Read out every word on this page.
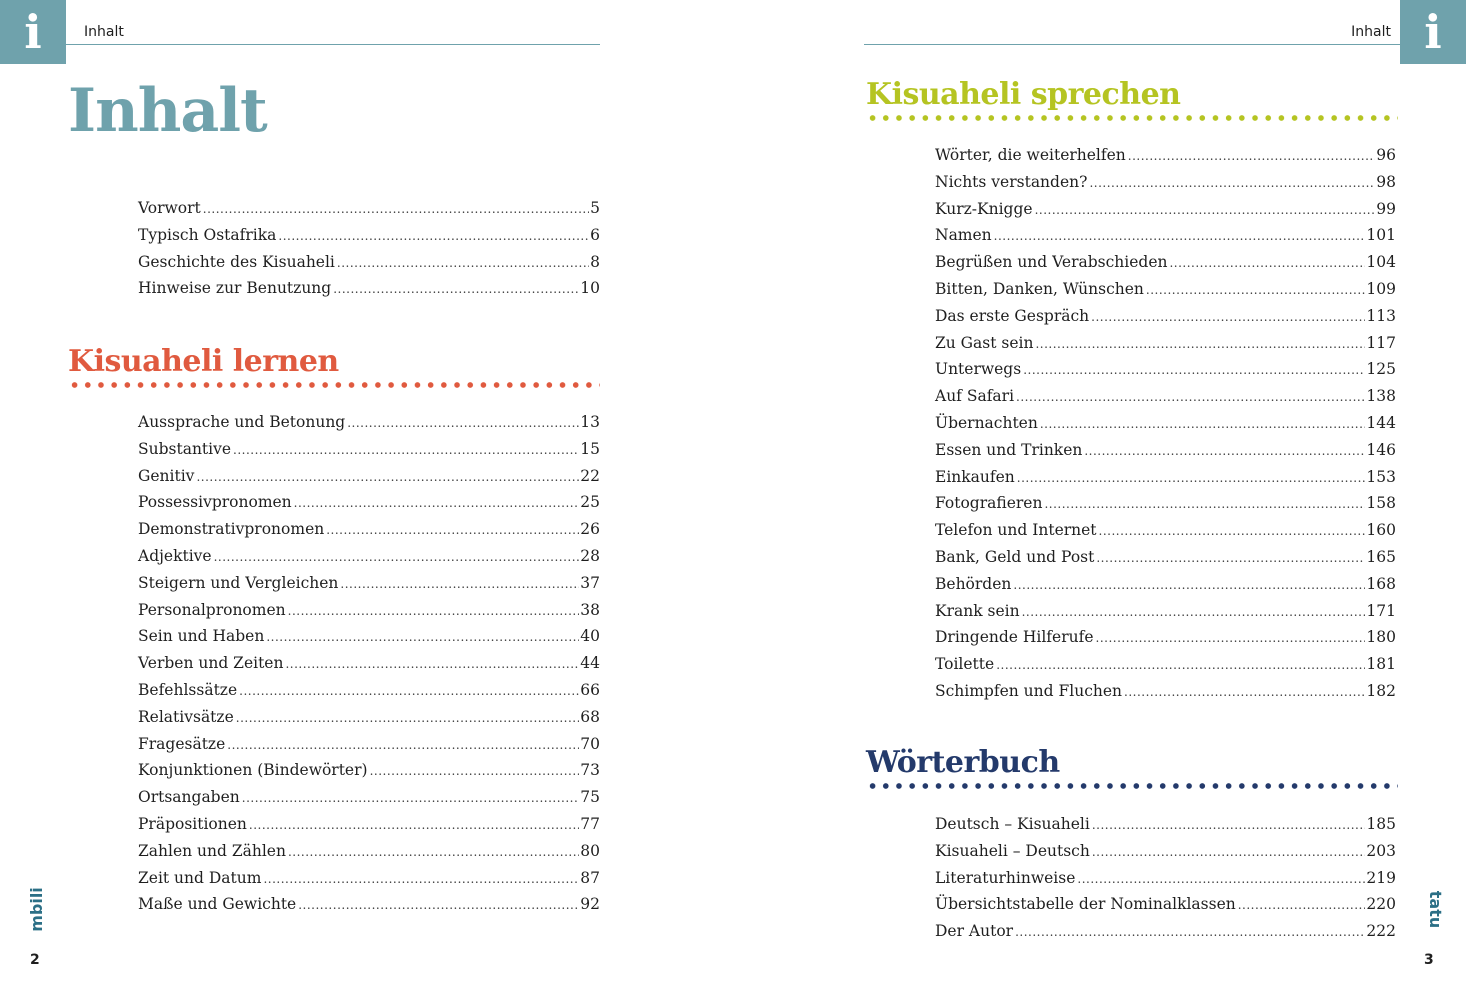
i	Inhalt
Inhalt
Vorwort .....	5
Typisch Ostafrika .....	6
Geschichte des Kisuaheli .....	8
Hinweise zur Benutzung .....	10
Kisuaheli lernen
Aussprache und Betonung .....	13
Substantive .....	15
Genitiv .....	22
Possessivpronomen .....	25
Demonstrativpronomen .....	26
Adjektive .....	28
Steigern und Vergleichen .....	37
Personalpronomen .....	38
Sein und Haben .....	40
Verben und Zeiten .....	44
Befehlssätze .....	66
Relativsätze .....	68
Fragesätze .....	70
Konjunktionen (Bindewörter) .....	73
Ortsangaben .....	75
Präpositionen .....	77
Zahlen und Zählen .....	80
Zeit und Datum .....	87
Maße und Gewichte .....	92
mbili
2
i
Inhalt
Kisuaheli sprechen
Wörter, die weiterhelfen .....	96
Nichts verstanden? .....	98
Kurz-Knigge .....	99
Namen .....	101
Begrüßen und Verabschieden .....	104
Bitten, Danken, Wünschen .....	109
Das erste Gespräch .....	113
Zu Gast sein .....	117
Unterwegs .....	125
Auf Safari .....	138
Übernachten .....	144
Essen und Trinken .....	146
Einkaufen .....	153
Fotografieren .....	158
Telefon und Internet .....	160
Bank, Geld und Post .....	165
Behörden .....	168
Krank sein .....	171
Dringende Hilferufe .....	180
Toilette .....	181
Schimpfen und Fluchen .....	182
Wörterbuch
Deutsch – Kisuaheli .....	185
Kisuaheli – Deutsch .....	203
Literaturhinweise .....	219
Übersichtstabelle der Nominalklassen .....	220
Der Autor .....	222
tatu
3
